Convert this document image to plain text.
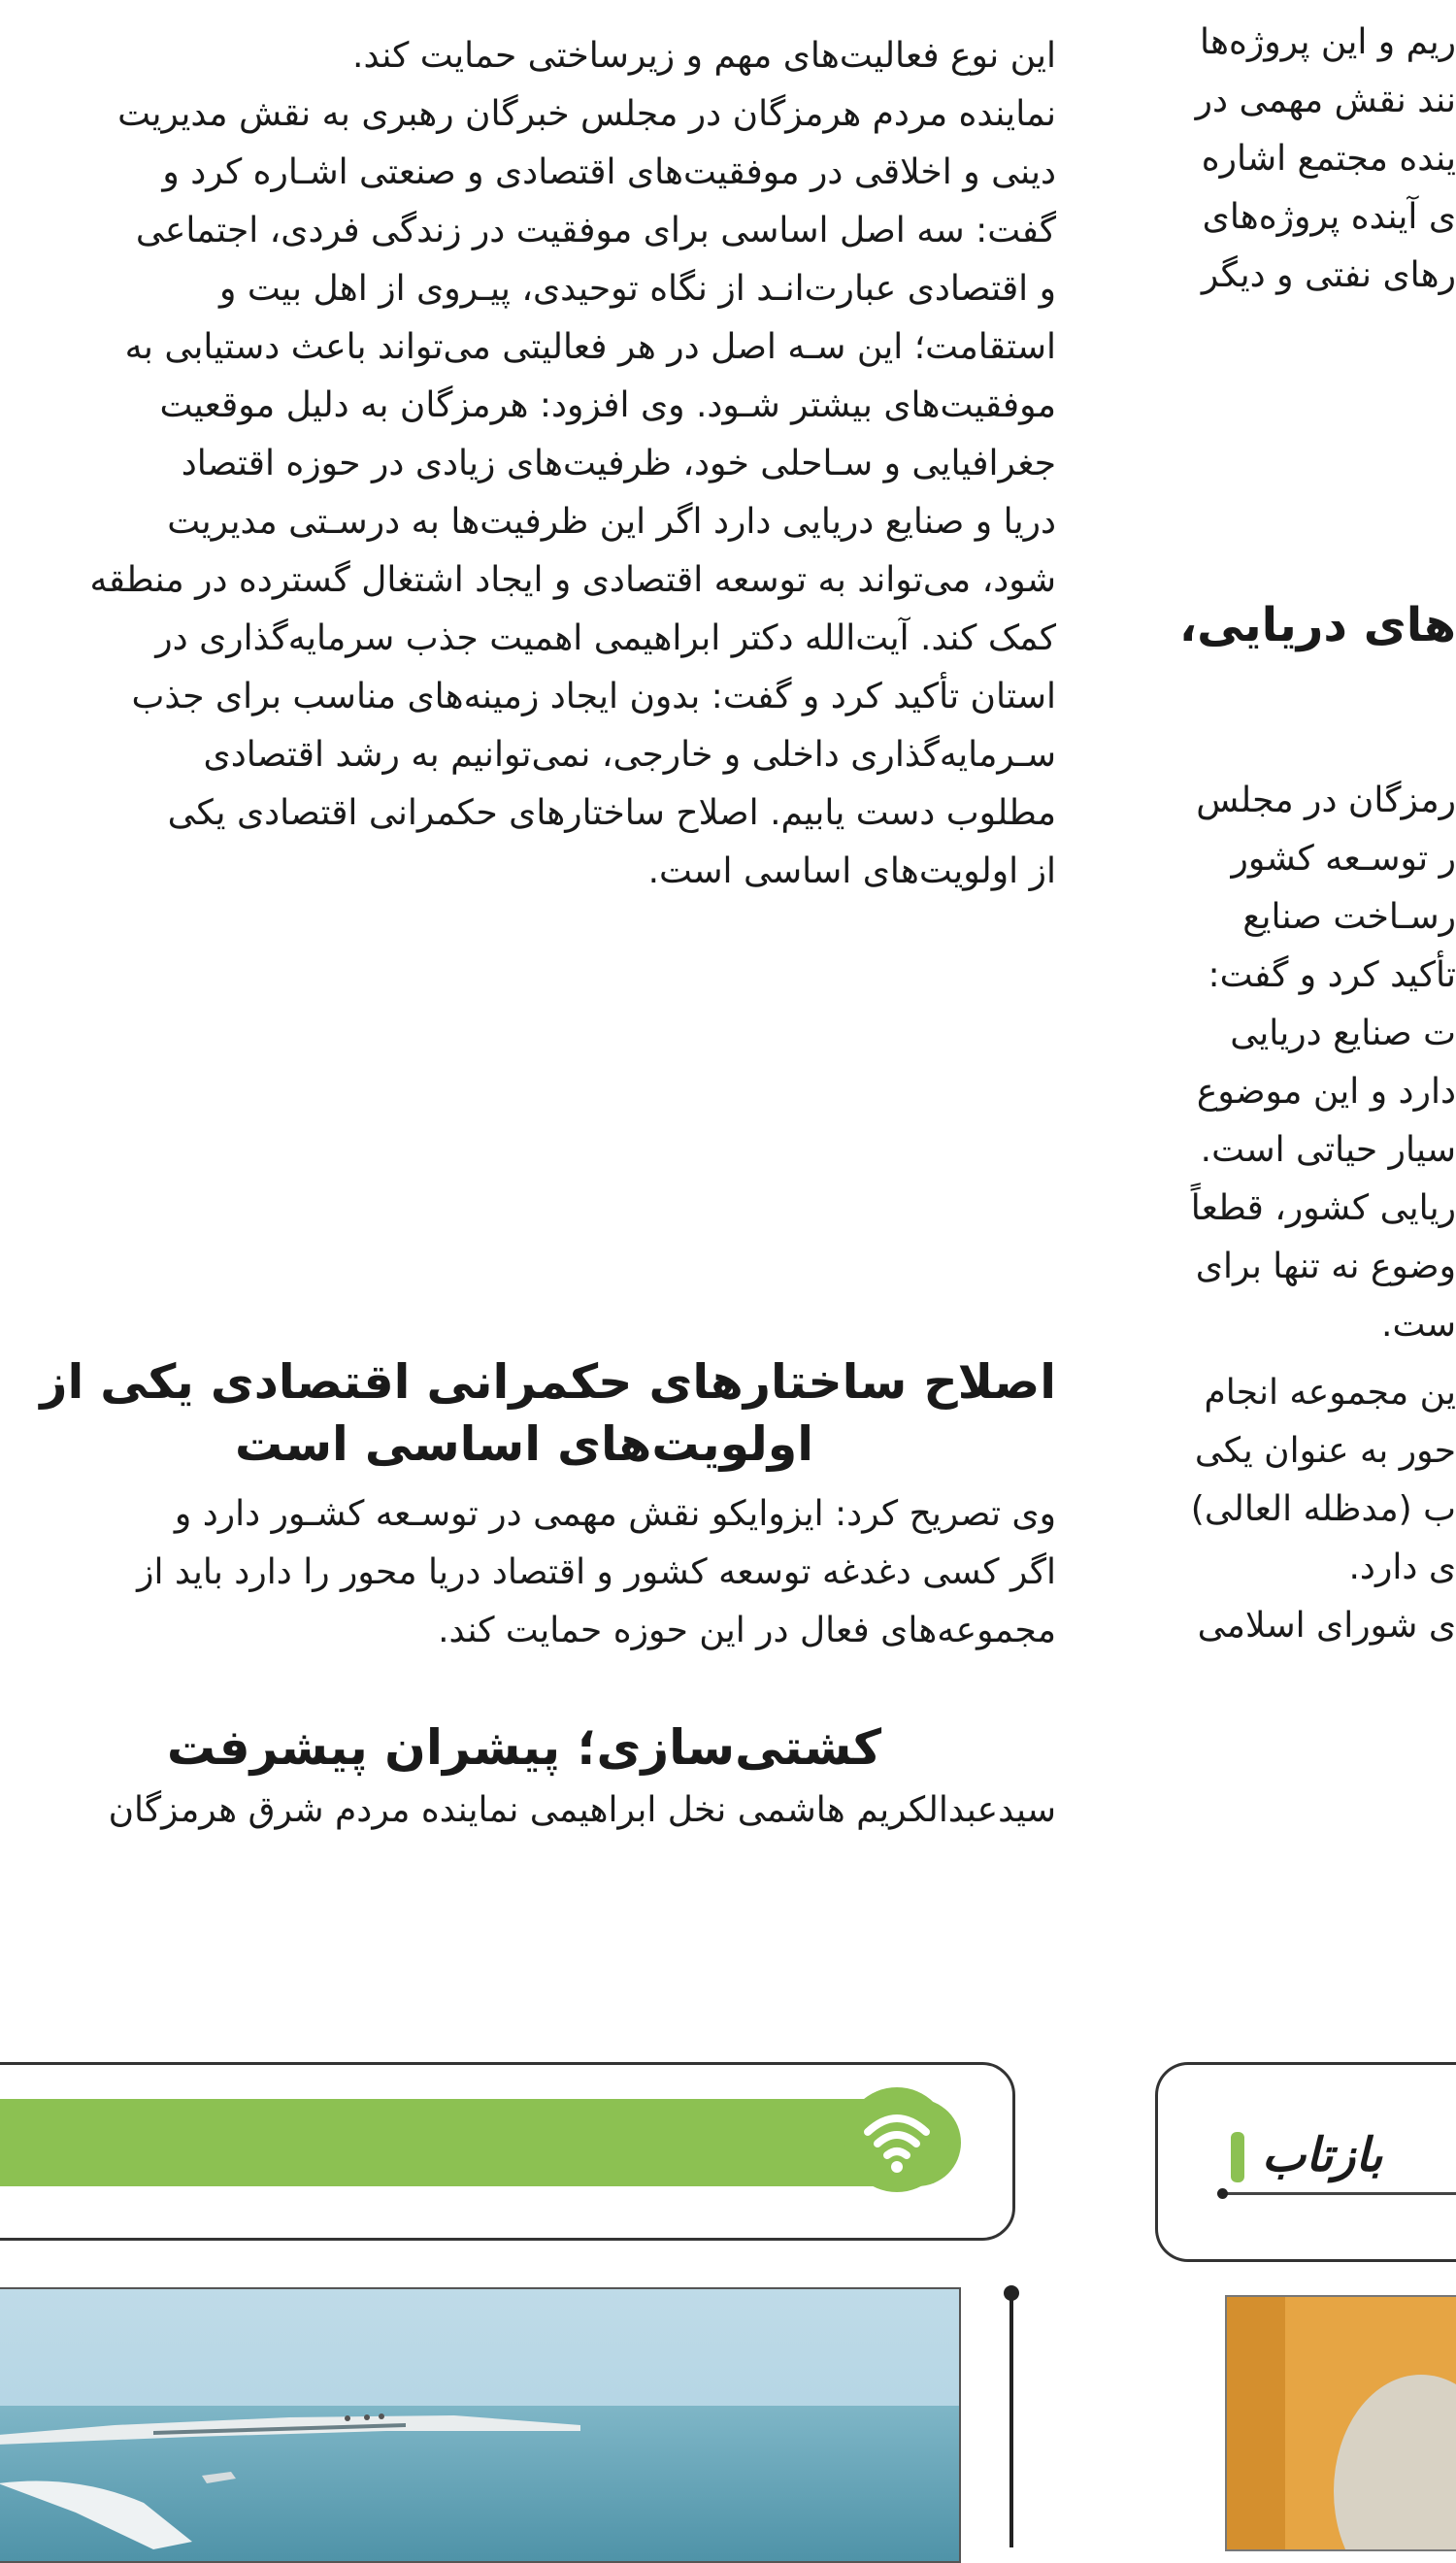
این نوع فعالیت‌های مهم و زیرساختی حمایت کند.
نماینده مردم هرمزگان در مجلس خبرگان رهبری به نقش مدیریت
دینی و اخلاقی در موفقیت‌های اقتصادی و صنعتی اشـاره کرد و
گفت: سه اصل اساسی برای موفقیت در زندگی فردی، اجتماعی
و اقتصادی عبارت‌انـد از نگاه توحیدی، پیـروی از اهل بیت و
استقامت؛ این سـه اصل در هر فعالیتی می‌تواند باعث دستیابی به
موفقیت‌های بیشتر شـود. وی افزود: هرمزگان به دلیل موقعیت
جغرافیایی و سـاحلی خود، ظرفیت‌های زیادی در حوزه اقتصاد
دریا و صنایع دریایی دارد اگر این ظرفیت‌ها به درسـتی مدیریت
شود، می‌تواند به توسعه اقتصادی و ایجاد اشتغال گسترده در منطقه
کمک کند. آیت‌الله دکتر ابراهیمی اهمیت جذب سرمایه‌گذاری در
استان تأکید کرد و گفت: بدون ایجاد زمینه‌های مناسب برای جذب
سـرمایه‌گذاری داخلی و خارجی، نمی‌توانیم به رشد اقتصادی
مطلوب دست یابیم. اصلاح ساختارهای حکمرانی اقتصادی یکی
از اولویت‌های اساسی است.
اولویت‌های اساسی است
اصلاح ساختارهای حکمرانی اقتصادی یکی از
وی تصریح کرد: ایزوایکو نقش مهمی در توسـعه کشـور دارد و
اگر کسی دغدغه توسعه کشور و اقتصاد دریا محور را دارد باید از
مجموعه‌های فعال در این حوزه حمایت کند.
کشتی‌سازی؛ پیشران پیشرفت
سیدعبدالکریم هاشمی نخل ابراهیمی نماینده مردم شرق هرمزگان
ریم و این پروژه‌ها
نند نقش مهمی در
ینده مجتمع اشاره
ی آینده پروژه‌های
رهای نفتی و دیگر
های دریایی،
رمزگان در مجلس
ر توسـعه کشور
رسـاخت صنایع
تأکید کرد و گفت:
ت صنایع دریایی
دارد و این موضوع
سیار حیاتی است.
ریایی کشور، قطعاً
وضوع نه تنها برای
ست.
ین مجموعه انجام
حور به عنوان یکی
ب (مدظله العالی)
ی دارد.
ی شورای اسلامی
بازتاب
